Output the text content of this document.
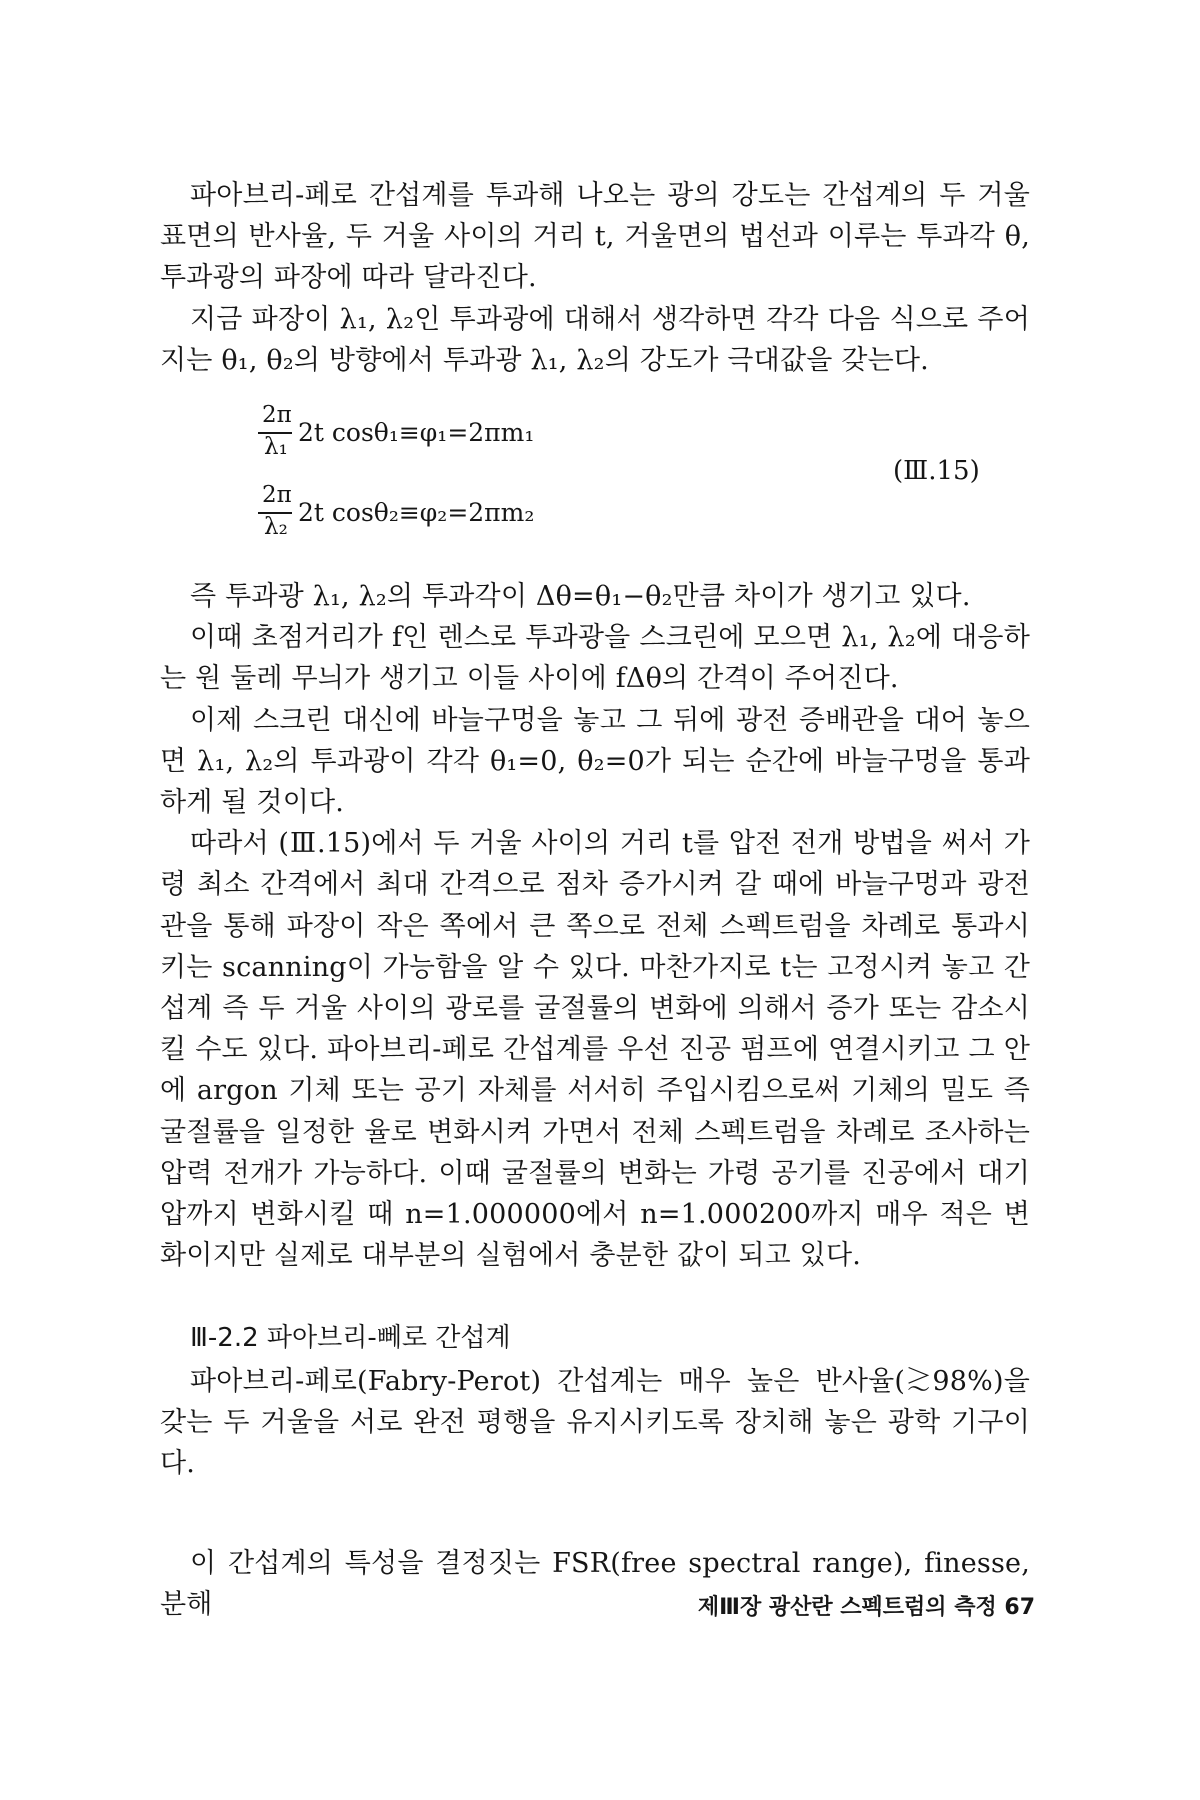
파아브리-페로 간섭계를 투과해 나오는 광의 강도는 간섭계의 두 거울 표면의 반사율, 두 거울 사이의 거리 t, 거울면의 법선과 이루는 투과각 θ, 투과광의 파장에 따라 달라진다.

지금 파장이 λ₁, λ₂인 투과광에 대해서 생각하면 각각 다음 식으로 주어지는 θ₁, θ₂의 방향에서 투과광 λ₁, λ₂의 강도가 극대값을 갖는다.

2π
λ₁ 2t cosθ₁≡φ₁=2πm₁
2π
λ₂ 2t cosθ₂≡φ₂=2πm₂
(Ⅲ.15)

즉 투과광 λ₁, λ₂의 투과각이 Δθ=θ₁−θ₂만큼 차이가 생기고 있다.

이때 초점거리가 f인 렌스로 투과광을 스크린에 모으면 λ₁, λ₂에 대응하는 원 둘레 무늬가 생기고 이들 사이에 fΔθ의 간격이 주어진다.

이제 스크린 대신에 바늘구멍을 놓고 그 뒤에 광전 증배관을 대어 놓으면 λ₁, λ₂의 투과광이 각각 θ₁=0, θ₂=0가 되는 순간에 바늘구멍을 통과하게 될 것이다.

따라서 (Ⅲ.15)에서 두 거울 사이의 거리 t를 압전 전개 방법을 써서 가령 최소 간격에서 최대 간격으로 점차 증가시켜 갈 때에 바늘구멍과 광전관을 통해 파장이 작은 쪽에서 큰 쪽으로 전체 스펙트럼을 차례로 통과시키는 scanning이 가능함을 알 수 있다. 마찬가지로 t는 고정시켜 놓고 간섭계 즉 두 거울 사이의 광로를 굴절률의 변화에 의해서 증가 또는 감소시킬 수도 있다. 파아브리-페로 간섭계를 우선 진공 펌프에 연결시키고 그 안에 argon 기체 또는 공기 자체를 서서히 주입시킴으로써 기체의 밀도 즉 굴절률을 일정한 율로 변화시켜 가면서 전체 스펙트럼을 차례로 조사하는 압력 전개가 가능하다. 이때 굴절률의 변화는 가령 공기를 진공에서 대기압까지 변화시킬 때 n=1.000000에서 n=1.000200까지 매우 적은 변화이지만 실제로 대부분의 실험에서 충분한 값이 되고 있다.

Ⅲ-2.2 파아브리-뻬로 간섭계

파아브리-페로(Fabry-Perot) 간섭계는 매우 높은 반사율(≳98%)을 갖는 두 거울을 서로 완전 평행을 유지시키도록 장치해 놓은 광학 기구이다.

이 간섭계의 특성을 결정짓는 FSR(free spectral range), finesse, 분해	제Ⅲ장 광산란 스펙트럼의 측정 67
